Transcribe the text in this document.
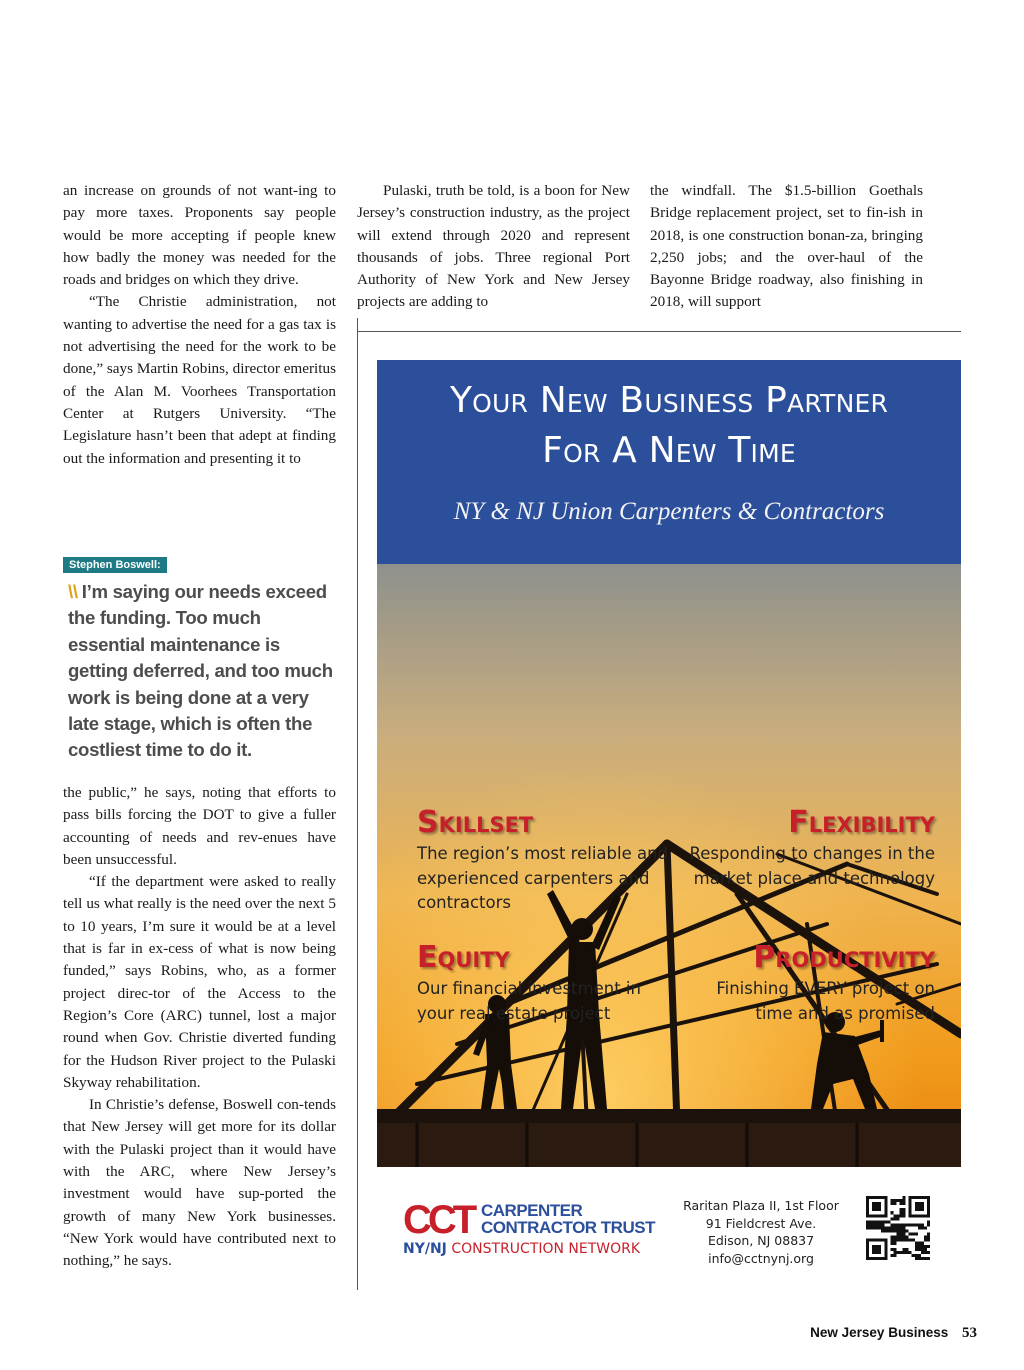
an increase on grounds of not want-ing to pay more taxes. Proponents say people would be more accepting if people knew how badly the money was needed for the roads and bridges on which they drive.

“The Christie administration, not wanting to advertise the need for a gas tax is not advertising the need for the work to be done,” says Martin Robins, director emeritus of the Alan M. Voorhees Transportation Center at Rutgers University. “The Legislature hasn’t been that adept at finding out the information and presenting it to

Stephen Boswell:
\\ I’m saying our needs exceed the funding. Too much essential maintenance is getting deferred, and too much work is being done at a very late stage, which is often the costliest time to do it.

the public,” he says, noting that efforts to pass bills forcing the DOT to give a fuller accounting of needs and rev-enues have been unsuccessful.

“If the department were asked to really tell us what really is the need over the next 5 to 10 years, I’m sure it would be at a level that is far in ex-cess of what is now being funded,” says Robins, who, as a former project direc-tor of the Access to the Region’s Core (ARC) tunnel, lost a major round when Gov. Christie diverted funding for the Hudson River project to the Pulaski Skyway rehabilitation.

In Christie’s defense, Boswell con-tends that New Jersey will get more for its dollar with the Pulaski project than it would have with the ARC, where New Jersey’s investment would have sup-ported the growth of many New York businesses. “New York would have contributed next to nothing,” he says.

Pulaski, truth be told, is a boon for New Jersey’s construction industry, as the project will extend through 2020 and represent thousands of jobs. Three regional Port Authority of New York and New Jersey projects are adding to

the windfall. The $1.5-billion Goethals Bridge replacement project, set to fin-ish in 2018, is one construction bonan-za, bringing 2,250 jobs; and the over-haul of the Bayonne Bridge roadway, also finishing in 2018, will support

Your New Business Partner
For A New Time
NY & NJ Union Carpenters & Contractors
Skillset
The region’s most reliable and experienced carpenters and contractors
Flexibility
Responding to changes in the market place and technology
Equity
Our financial investment in your real estate project
Productivity
Finishing EVERY project on time and as promised
CCT CARPENTER
CONTRACTOR TRUST
NY/NJ CONSTRUCTION NETWORK
Raritan Plaza II, 1st Floor
91 Fieldcrest Ave.
Edison, NJ 08837
info@cctnynj.org
New Jersey Business 53
